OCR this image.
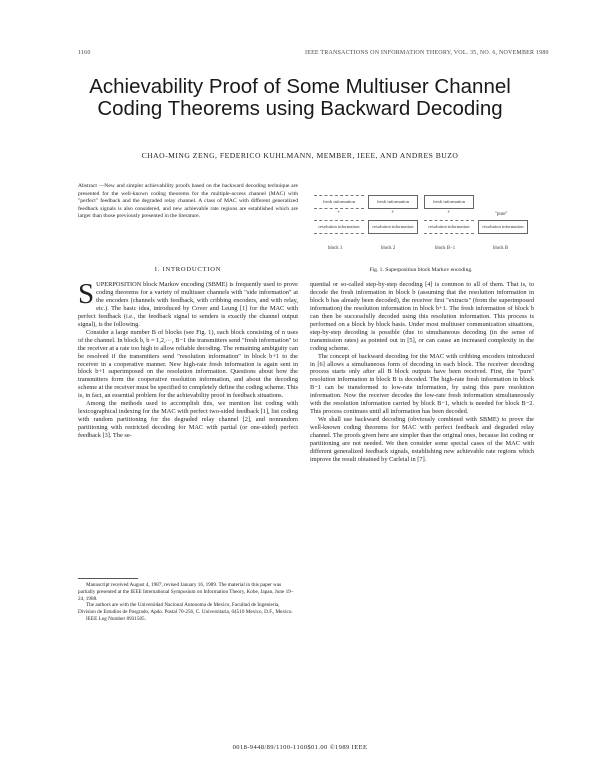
1160	IEEE TRANSACTIONS ON INFORMATION THEORY, VOL. 35, NO. 6, NOVEMBER 1989
Achievability Proof of Some Multiuser Channel Coding Theorems using Backward Decoding
CHAO-MING ZENG, FEDERICO KUHLMANN, MEMBER, IEEE, AND ANDRES BUZO
Abstract —New and simpler achievability proofs based on the backward decoding technique are presented for the well-known coding theorems for the multiple-access channel (MAC) with "perfect" feedback and the degraded relay channel. A class of MAC with different generalized feedback signals is also considered, and new achievable rate regions are established which are larger than those previously presented in the literature.
fresh information	fresh information	fresh information
+	+	+
resolution information	resolution information	resolution information
"pure"
resolution information
block 1	block 2	block B−1	block B
Fig. 1. Superposition block Markov encoding.
I. INTRODUCTION

SUPERPOSITION block Markov encoding (SBME) is frequently used to prove coding theorems for a variety of multiuser channels with "side information" at the encoders (channels with feedback, with cribbing encoders, and with relay, etc.). The basic idea, introduced by Cover and Leung [1] for the MAC with perfect feedback (i.e., the feedback signal to senders is exactly the channel output signal), is the following.

Consider a large number B of blocks (see Fig. 1), each block consisting of n uses of the channel. In block b, b = 1,2,···, B−1 the transmitters send "fresh information" to the receiver at a rate too high to allow reliable decoding. The remaining ambiguity can be resolved if the transmitters send "resolution information" in block b+1 to the receiver in a cooperative manner. New high-rate fresh information is again sent in block b+1 superimposed on the resolution information. Questions about how the transmitters form the cooperative resolution information, and about the decoding scheme at the receiver must be specified to completely define the coding scheme. This is, in fact, an essential problem for the achievability proof in feedback situations.

Among the methods used to accomplish this, we mention list coding with lexicographical indexing for the MAC with perfect two-sided feedback [1], list coding with random partitioning for the degraded relay channel [2], and nonrandom partitioning with restricted decoding for MAC with partial (or one-sided) perfect feedback [3]. The se-

Manuscript received August 4, 1987; revised January 16, 1989. The material in this paper was partially presented at the IEEE International Symposium on Information Theory, Kobe, Japan, June 19–24, 1988.
The authors are with the Universidad Nacional Autonoma de Mexico, Facultad de Ingenieria, Division de Estudios de Posgrado, Apdo. Postal 70-256, C. Universitaria, 04510 Mexico, D.F., Mexico.
IEEE Log Number 8931505.

quential or so-called step-by-step decoding [4] is common to all of them. That is, to decode the fresh information in block b (assuming that the resolution information in block b has already been decoded), the receiver first "extracts" (from the superimposed information) the resolution information in block b+1. The fresh information of block b can then be successfully decoded using this resolution information. This process is performed on a block by block basis. Under most multiuser communication situations, step-by-step decoding is possible (due to simultaneous decoding (in the sense of transmission rates) as pointed out in [5], or can cause an increased complexity in the coding scheme.

The concept of backward decoding for the MAC with cribbing encoders introduced in [6] allows a simultaneous form of decoding in each block. The receiver decoding process starts only after all B block outputs have been received. First, the "pure" resolution information in block B is decoded. The high-rate fresh information in block B−1 can be transformed to low-rate information, by using this pure resolution information. Now the receiver decodes the low-rate fresh information simultaneously with the resolution information carried by block B−1, which is needed for block B−2. This process continues until all information has been decoded.

We shall use backward decoding (obviously combined with SBME) to prove the well-known coding theorems for MAC with perfect feedback and degraded relay channel. The proofs given here are simpler than the original ones, because list coding or partitioning are not needed. We then consider some special cases of the MAC with different generalized feedback signals, establishing new achievable rate regions which improve the result obtained by Carleial in [7].

0018-9448/89/1100-1160$01.00 ©1989 IEEE
